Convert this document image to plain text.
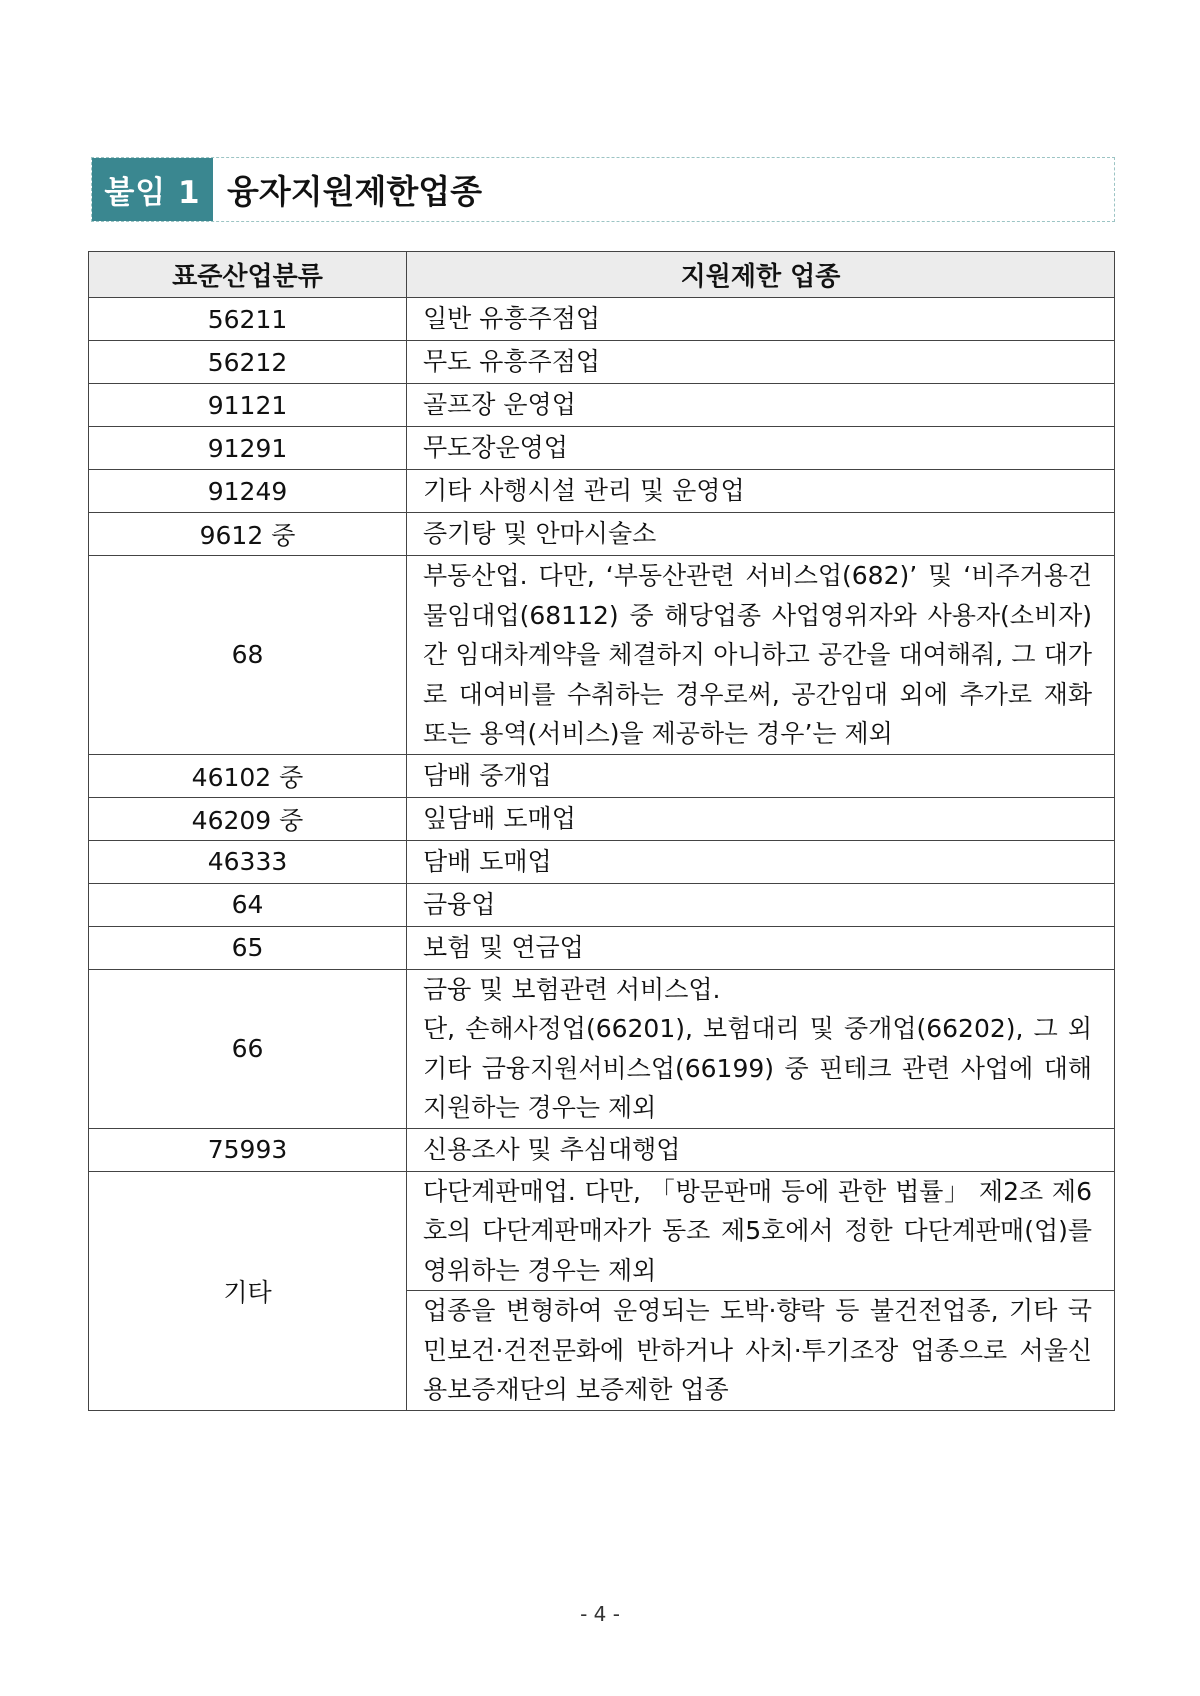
붙임 1 융자지원제한업종
표준산업분류	지원제한 업종
56211	일반 유흥주점업
56212	무도 유흥주점업
91121	골프장 운영업
91291	무도장운영업
91249	기타 사행시설 관리 및 운영업
9612 중	증기탕 및 안마시술소
68	부동산업. 다만, ‘부동산관련 서비스업(682)’ 및 ‘비주거용건물임대업(68112) 중 해당업종 사업영위자와 사용자(소비자)간 임대차계약을 체결하지 아니하고 공간을 대여해줘, 그 대가로 대여비를 수취하는 경우로써, 공간임대 외에 추가로 재화 또는 용역(서비스)을 제공하는 경우’는 제외
46102 중	담배 중개업
46209 중	잎담배 도매업
46333	담배 도매업
64	금융업
65	보험 및 연금업
66	금융 및 보험관련 서비스업.
단, 손해사정업(66201), 보험대리 및 중개업(66202), 그 외 기타 금융지원서비스업(66199) 중 핀테크 관련 사업에 대해 지원하는 경우는 제외

75993	신용조사 및 추심대행업
기타	다단계판매업. 다만, 「방문판매 등에 관한 법률」 제2조 제6호의 다단계판매자가 동조 제5호에서 정한 다단계판매(업)를 영위하는 경우는 제외
	업종을 변형하여 운영되는 도박·향락 등 불건전업종, 기타 국민보건·건전문화에 반하거나 사치·투기조장 업종으로 서울신용보증재단의 보증제한 업종
- 4 -
